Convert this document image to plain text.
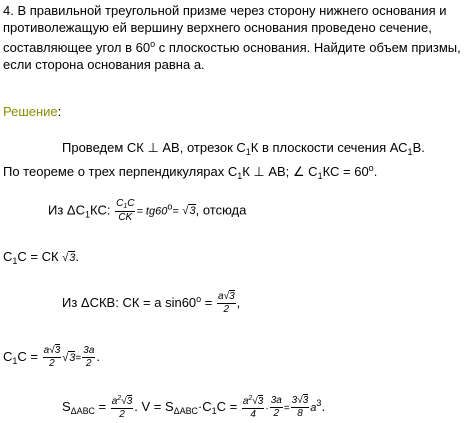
4. В правильной треугольной призме через сторону нижнего основания и противолежащую ей вершину верхнего основания проведено сечение, составляющее угол в 60$^o$ с плоскостью основания. Найдите объем призмы, если сторона основания равна а.
Решение:
Проведем СК ⊥ АВ, отрезок $С_1К$ в плоскости сечения $АС_1В$.
По теореме о трех перпендикулярах $С_1К$ ⊥ АВ; ∠ $С_1КС = 60^о$.
Из $\Delta С_1КС$: $\frac{C_1C}{CK} = tg60^o= √3$, отсюда
$С_1С$ = СК √3.
Из ΔСКВ: СК = a $\sin 60^о = \frac{a√3}{2}$ ,
$С_1С = \frac{a√3}{2} √3= \frac{3a}{2}$ .
$S_{\Delta АВС} = \frac{a^2√3}{2}$ . $V = S_{\Delta АВС}\cdot С_1С = \frac{a^2√3}{4} \cdot \frac{3a}{2} = \frac{3√3}{8} a^3$.
